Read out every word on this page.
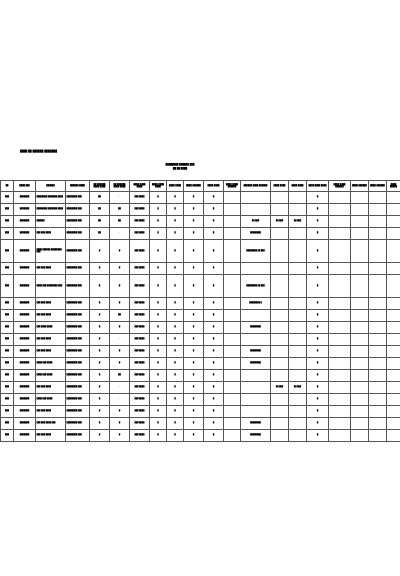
████ ██ ██████ ███████
████████ ██████ ███
██ ██/████
██	████ ███	██████	██████ ████	██ ██████ ████ ████	██ ██████ ████ ████	████ ████ ████	████ ████ ████	████ ████	████ ██████	████ ████	████ ████ ██████	██████ ████ ██████	████ ████	████ ████	████ ████ ████	████ ████ ██████	████ ██████	████ ██████	████ █████
███	███████	████████ ███████ ████	████████ ███	██	—	███ ████	█	█	█	█					█				
███	███████	████████ ███████ ████	████████ ███	██	██	███ ████	█	█	█	█					█				
███	███████	██████	████████ ███	██	██	███ ████	█	█	█	█		██ ███	██ ███	██ ███	█				
███	███████	███ ███ ████	████████ ███	██	—	███ ████	█	█	█	█		████████			█				
███	███████	████ ██████ ████████ ███	████████ ███	█	█	███ ████	█	█	█	█		████████ ██ ███			█				
███	███████	███ ███ ████	████████ ███	█	█	███ ████	█	█	█	█					█				
███	███████	████ ███ ████████ ███	████████ ███	█	█	███ ████	█	█	█	█		████████ ██ ███			█				
███	███████	███ ███ ████	████████ ███	█	█	███ ████	█	█	█	█		████████ █			█				
███	███████	███ ███ ████	████████ ███	█	██	███ ████	█	█	█	█					█				
███	███████	███ ████ ████	████████ ███	█	█	███ ████	█	█	█	█		████████			█				
███	███████	███ ███ ████	████████ ███	█	—	███ ████	█	█	█	█					█				
███	███████	███ ███ ████	████████ ███	█	█	███ ████	█	█	█	█		████████			█				
███	███████	████ ███ ████	████████ ███	█	█	███ ████	█	█	█	█		████████			█				
███	███████	████ ███ ████	████████ ███	█	██	███ ████	█	█	█	█					█				
███	███████	███ ███ ████	████████ ███	█	—	███ ████	█	█	█	█			██ ███	██ ███	█				
███	███████	████ ███ ████	████████ ███	█	—	███ ████	█	█	█	█					█				
███	███████	███ ███ ████	████████ ███	█	█	███ ████	█	█	█	█					█				
███	███████	███ ███ ████ ███	████████ ███	█	█	███ ████	█	█	█	█		████████			█				
███	███████	███ ███ ████	████████ ███	█	█	███ ████	█	█	█	█		████████			█				
